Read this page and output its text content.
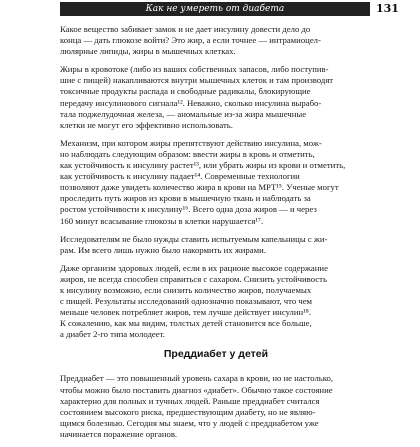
Как не умереть от диабета	131
Какое вещество забивает замок и не дает инсулину довести дело до
конца — дать глюкозе войти? Это жир, а если точнее — интрамиоцел-
люлярные липиды, жиры в мышечных клетках.
Жиры в кровотоке (либо из ваших собственных запасов, либо поступив-
шие с пищей) накапливаются внутри мышечных клеток и там производят
токсичные продукты распада и свободные радикалы, блокирующие
передачу инсулинового сигнала¹². Неважно, сколько инсулина вырабо-
тала поджелудочная железа, — аномальные из-за жира мышечные
клетки не могут его эффективно использовать.
Механизм, при котором жиры препятствуют действию инсулина, мож-
но наблюдать следующим образом: ввести жиры в кровь и отметить,
как устойчивость к инсулину растет¹³, или убрать жиры из крови и отметить,
как устойчивость к инсулину падает¹⁴. Современные технологии
позволяют даже увидеть количество жира в крови на МРТ¹⁵. Ученые могут
проследить путь жиров из крови в мышечную ткань и наблюдать за
ростом устойчивости к инсулину¹⁶. Всего одна доза жиров — и через
160 минут всасывание глюкозы в клетки нарушается¹⁷.
Исследователям не было нужды ставить испытуемым капельницы с жи-
рам. Им всего лишь нужно было накормить их жирами.
Даже организм здоровых людей, если в их рационе высокое содержание
жиров, не всегда способен справиться с сахаром. Снизить устойчивость
к инсулину возможно, если снизить количество жиров, получаемых
с пищей. Результаты исследований однозначно показывают, что чем
меньше человек потребляет жиров, тем лучше действует инсулин¹⁸.
К сожалению, как мы видим, толстых детей становится все больше,
а диабет 2-го типа молодеет.
Преддиабет у детей
Преддиабет — это повышенный уровень сахара в крови, но не настолько,
чтобы можно было поставить диагноз «диабет». Обычно такое состояние
характерно для полных и тучных людей. Раньше преддиабет считался
состоянием высокого риска, предшествующим диабету, но не являю-
щимся болезнью. Сегодня мы знаем, что у людей с преддиабетом уже
начинается поражение органов.
